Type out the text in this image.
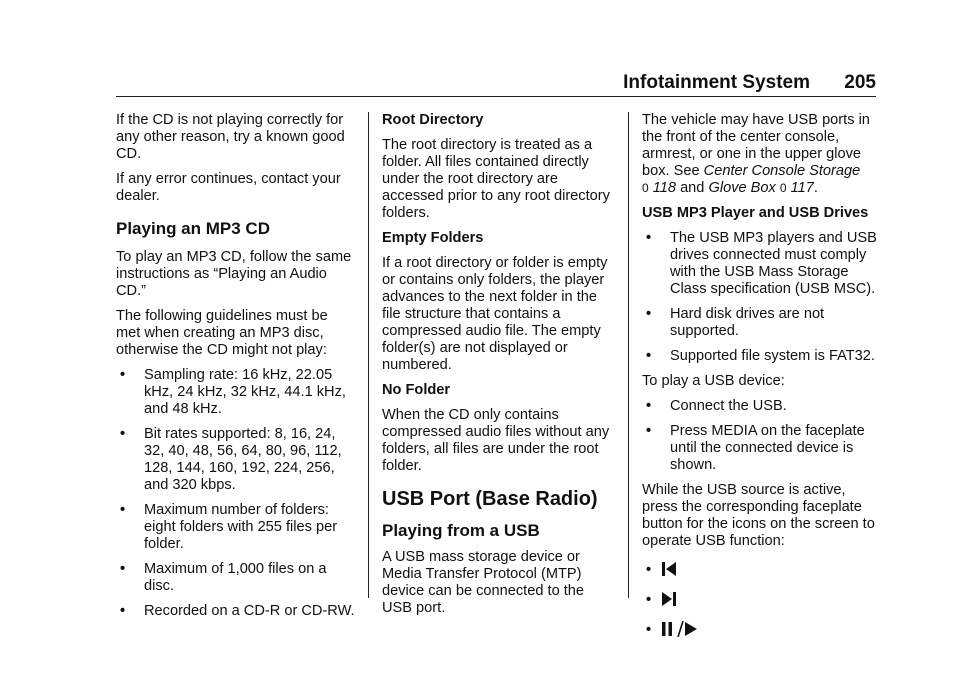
Infotainment System 205

If the CD is not playing correctly for any other reason, try a known good CD.

If any error continues, contact your dealer.

Playing an MP3 CD

To play an MP3 CD, follow the same instructions as “Playing an Audio CD.”

The following guidelines must be met when creating an MP3 disc, otherwise the CD might not play:

• Sampling rate: 16 kHz, 22.05 kHz, 24 kHz, 32 kHz, 44.1 kHz, and 48 kHz.
• Bit rates supported: 8, 16, 24, 32, 40, 48, 56, 64, 80, 96, 112, 128, 144, 160, 192, 224, 256, and 320 kbps.
• Maximum number of folders: eight folders with 255 files per folder.
• Maximum of 1,000 files on a disc.
• Recorded on a CD-R or CD-RW.

Root Directory

The root directory is treated as a folder. All files contained directly under the root directory are accessed prior to any root directory folders.

Empty Folders

If a root directory or folder is empty or contains only folders, the player advances to the next folder in the file structure that contains a compressed audio file. The empty folder(s) are not displayed or numbered.

No Folder

When the CD only contains compressed audio files without any folders, all files are under the root folder.

USB Port (Base Radio)
Playing from a USB

A USB mass storage device or Media Transfer Protocol (MTP) device can be connected to the USB port.

The vehicle may have USB ports in the front of the center console, armrest, or one in the upper glove box. See Center Console Storage
0 118 and Glove Box 0 117.

USB MP3 Player and USB Drives

• The USB MP3 players and USB drives connected must comply with the USB Mass Storage Class specification (USB MSC).
• Hard disk drives are not supported.
• Supported file system is FAT32.

To play a USB device:

• Connect the USB.
• Press MEDIA on the faceplate until the connected device is shown.

While the USB source is active, press the corresponding faceplate button for the icons on the screen to operate USB function:

•
•
•
